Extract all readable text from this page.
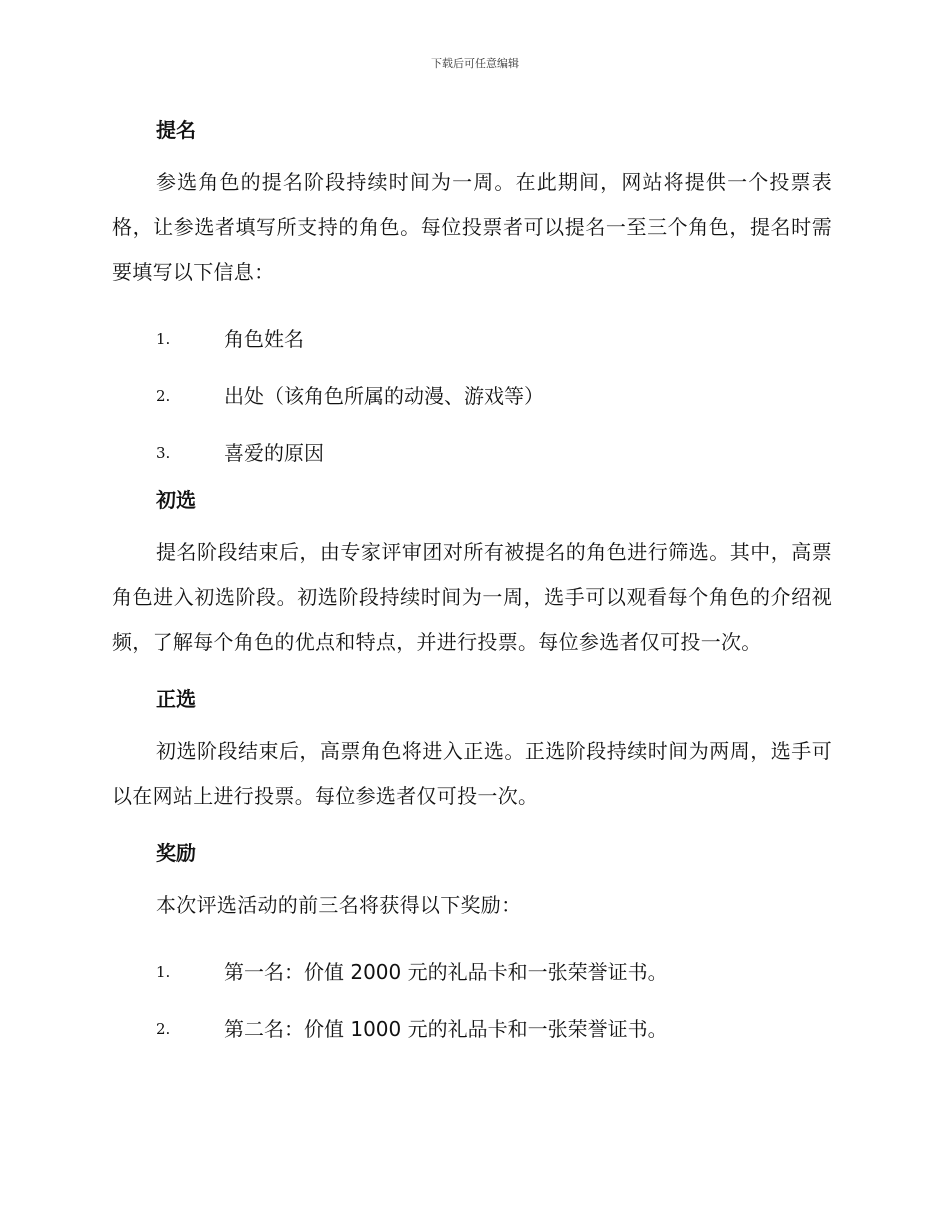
下载后可任意编辑
提名

参选角色的提名阶段持续时间为一周。在此期间，网站将提供一个投票表格，让参选者填写所支持的角色。每位投票者可以提名一至三个角色，提名时需要填写以下信息：

1.	角色姓名
2.	出处（该角色所属的动漫、游戏等）
3.	喜爱的原因
初选

提名阶段结束后，由专家评审团对所有被提名的角色进行筛选。其中，高票角色进入初选阶段。初选阶段持续时间为一周，选手可以观看每个角色的介绍视频，了解每个角色的优点和特点，并进行投票。每位参选者仅可投一次。

正选

初选阶段结束后，高票角色将进入正选。正选阶段持续时间为两周，选手可以在网站上进行投票。每位参选者仅可投一次。

奖励

本次评选活动的前三名将获得以下奖励：

1.	第一名：价值 2000 元的礼品卡和一张荣誉证书。
2.	第二名：价值 1000 元的礼品卡和一张荣誉证书。
